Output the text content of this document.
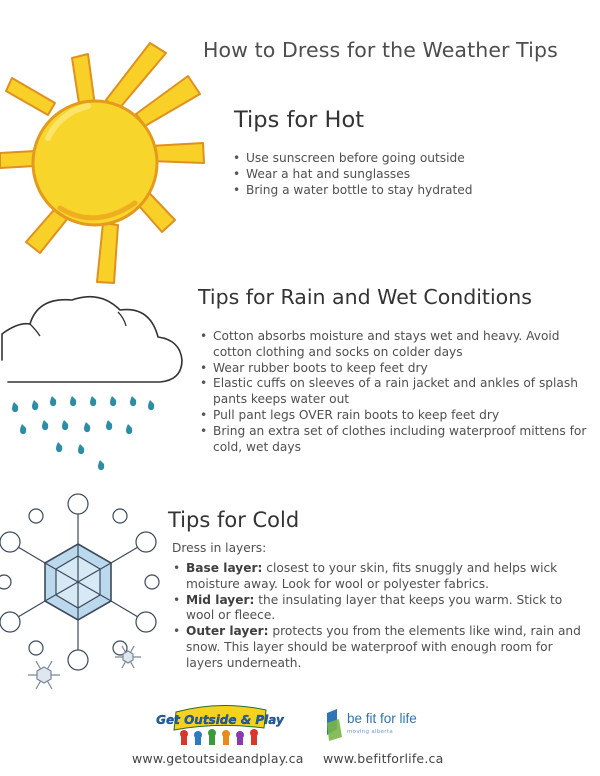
How to Dress for the Weather Tips
Tips for Hot
• Use sunscreen before going outside
• Wear a hat and sunglasses
• Bring a water bottle to stay hydrated
Tips for Rain and Wet Conditions
• Cotton absorbs moisture and stays wet and heavy. Avoid cotton clothing and socks on colder days
• Wear rubber boots to keep feet dry
• Elastic cuffs on sleeves of a rain jacket and ankles of splash pants keeps water out
• Pull pant legs OVER rain boots to keep feet dry
• Bring an extra set of clothes including waterproof mittens for cold, wet days
Tips for Cold
Dress in layers:
• Base layer: closest to your skin, fits snuggly and helps wick moisture away. Look for wool or polyester fabrics.
• Mid layer: the insulating layer that keeps you warm. Stick to wool or fleece.
• Outer layer: protects you from the elements like wind, rain and snow. This layer should be waterproof with enough room for layers underneath.
Get Outside & Play	be fit for life
moving alberta
www.getoutsideandplay.ca www.befitforlife.ca
